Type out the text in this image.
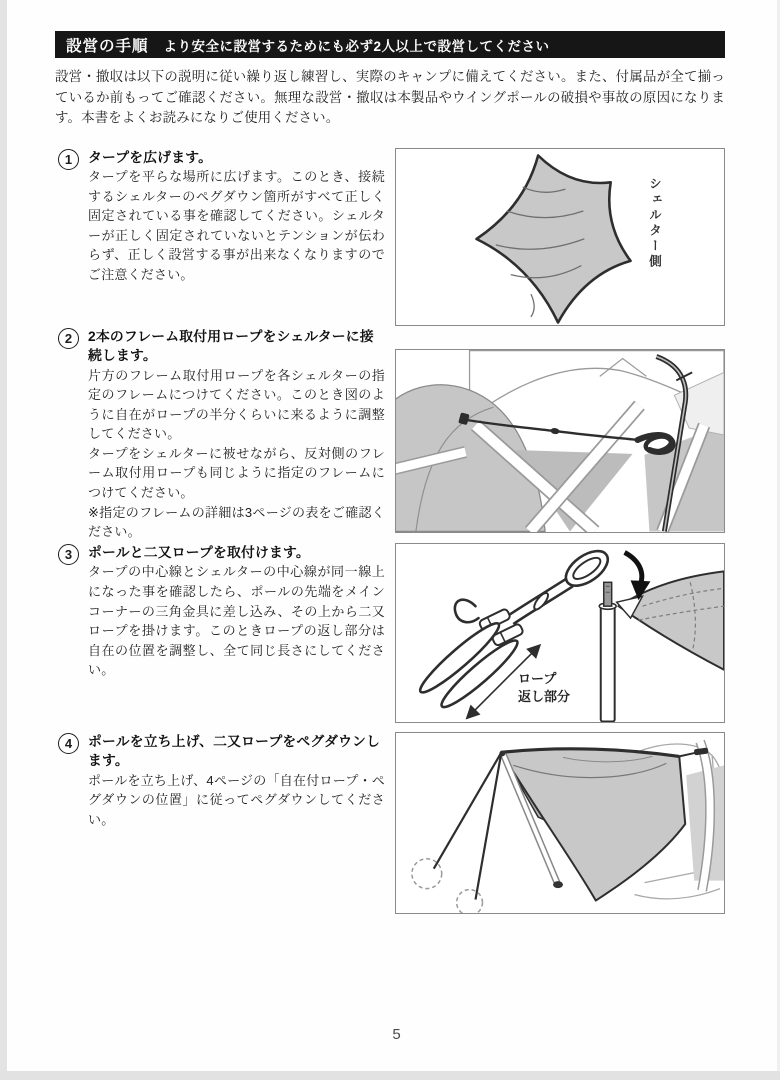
設営の手順 より安全に設営するためにも必ず2人以上で設営してください

設営・撤収は以下の説明に従い繰り返し練習し、実際のキャンプに備えてください。また、付属品が全て揃っているか前もってご確認ください。無理な設営・撤収は本製品やウイングポールの破損や事故の原因になります。本書をよくお読みになりご使用ください。

1	タープを広げます。

タープを平らな場所に広げます。このとき、接続するシェルターのペグダウン箇所がすべて正しく固定されている事を確認してください。シェルターが正しく固定されていないとテンションが伝わらず、正しく設営する事が出来なくなりますのでご注意ください。

シェルター側
2	2本のフレーム取付用ロープをシェルターに接続します。

片方のフレーム取付用ロープを各シェルターの指定のフレームにつけてください。このとき図のように自在がロープの半分くらいに来るように調整してください。

タープをシェルターに被せながら、反対側のフレーム取付用ロープも同じように指定のフレームにつけてください。

※指定のフレームの詳細は3ページの表をご確認ください。

3	ポールと二又ロープを取付けます。

タープの中心線とシェルターの中心線が同一線上になった事を確認したら、ポールの先端をメインコーナーの三角金具に差し込み、その上から二又ロープを掛けます。このときロープの返し部分は自在の位置を調整し、全て同じ長さにしてください。

ロープ
返し部分
4	ポールを立ち上げ、二又ロープをペグダウンします。

ポールを立ち上げ、4ページの「自在付ロープ・ペグダウンの位置」に従ってペグダウンしてください。

5
